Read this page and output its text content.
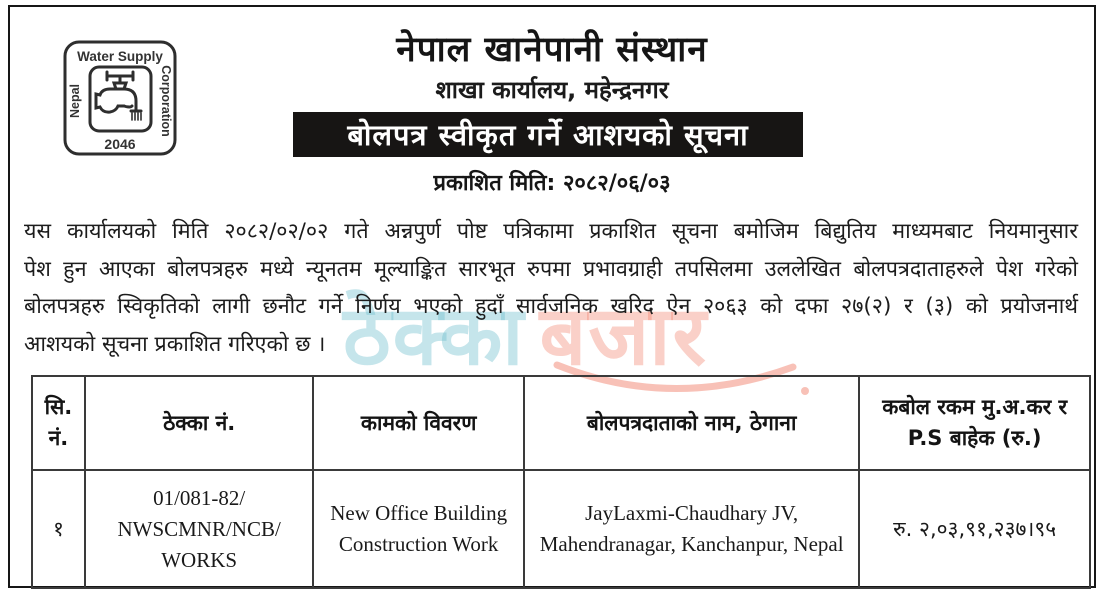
Water Supply
Nepal	Corporation
2046
नेपाल खानेपानी संस्थान
शाखा कार्यालय, महेन्द्रनगर
बोलपत्र स्वीकृत गर्ने आशयको सूचना
प्रकाशित मिति: २०८२/०६/०३
ठेक्का बजार
यस कार्यालयको मिति २०८२/०२/०२ गते अन्नपुर्ण पोष्ट पत्रिकामा प्रकाशित सूचना बमोजिम बिद्युतिय माध्यमबाट नियमानुसार
पेश हुन आएका बोलपत्रहरु मध्ये न्यूनतम मूल्याङ्कित सारभूत रुपमा प्रभावग्राही तपसिलमा उललेखित बोलपत्रदाताहरुले पेश गरेको
बोलपत्रहरु स्विकृतिको लागी छनौट गर्ने निर्णय भएको हुदाँ सार्वजनिक खरिद ऐन २०६३ को दफा २७(२) र (३) को प्रयोजनार्थ
आशयको सूचना प्रकाशित गरिएको छ ।
सि. नं.	ठेक्का नं.	कामको विवरण	बोलपत्रदाताको नाम, ठेगाना	कबोल रकम मु.अ.कर र P.S बाहेक (रु.)
१	01/081-82/ NWSCMNR/NCB/ WORKS	New Office Building Construction Work	JayLaxmi-Chaudhary JV, Mahendranagar, Kanchanpur, Nepal	रु. २,०३,९१,२३७।९५
